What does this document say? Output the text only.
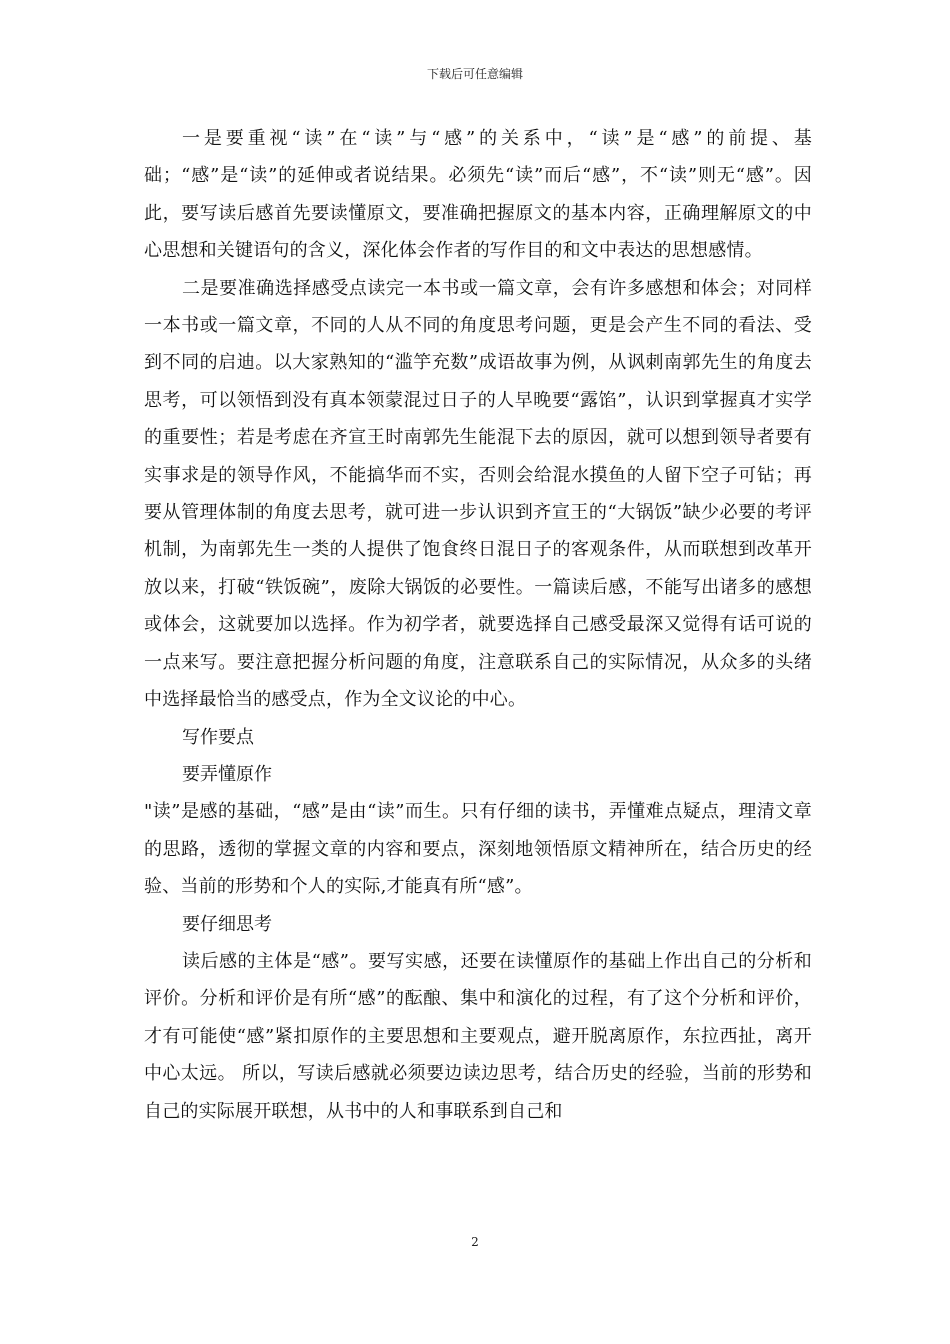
下载后可任意编辑

一是要重视“读”在“读”与“感”的关系中，“读”是“感”的前提、基础；“感”是“读”的延伸或者说结果。必须先“读”而后“感”，不“读”则无“感”。因此，要写读后感首先要读懂原文，要准确把握原文的基本内容，正确理解原文的中心思想和关键语句的含义，深化体会作者的写作目的和文中表达的思想感情。

二是要准确选择感受点读完一本书或一篇文章，会有许多感想和体会；对同样一本书或一篇文章，不同的人从不同的角度思考问题，更是会产生不同的看法、受到不同的启迪。以大家熟知的“滥竽充数”成语故事为例，从讽刺南郭先生的角度去思考，可以领悟到没有真本领蒙混过日子的人早晚要“露馅”，认识到掌握真才实学的重要性；若是考虑在齐宣王时南郭先生能混下去的原因，就可以想到领导者要有实事求是的领导作风，不能搞华而不实，否则会给混水摸鱼的人留下空子可钻；再要从管理体制的角度去思考，就可进一步认识到齐宣王的“大锅饭”缺少必要的考评机制，为南郭先生一类的人提供了饱食终日混日子的客观条件，从而联想到改革开放以来，打破“铁饭碗”，废除大锅饭的必要性。一篇读后感，不能写出诸多的感想或体会，这就要加以选择。作为初学者，就要选择自己感受最深又觉得有话可说的一点来写。要注意把握分析问题的角度，注意联系自己的实际情况，从众多的头绪中选择最恰当的感受点，作为全文议论的中心。

写作要点

要弄懂原作

"读”是感的基础，“感”是由“读”而生。只有仔细的读书，弄懂难点疑点，理清文章的思路，透彻的掌握文章的内容和要点，深刻地领悟原文精神所在，结合历史的经验、当前的形势和个人的实际,才能真有所“感”。

要仔细思考

读后感的主体是“感”。要写实感，还要在读懂原作的基础上作出自己的分析和评价。分析和评价是有所“感”的酝酿、集中和演化的过程，有了这个分析和评价，才有可能使“感”紧扣原作的主要思想和主要观点，避开脱离原作，东拉西扯，离开中心太远。 所以，写读后感就必须要边读边思考，结合历史的经验，当前的形势和自己的实际展开联想，从书中的人和事联系到自己和

2
